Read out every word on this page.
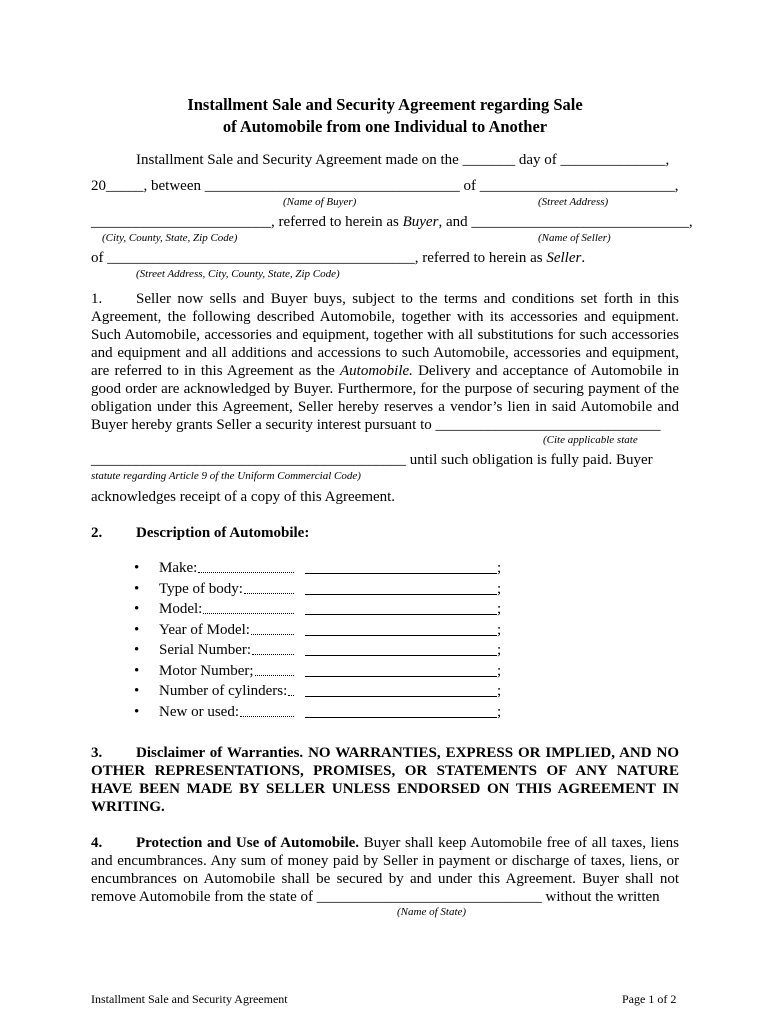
Installment Sale and Security Agreement regarding Sale
of Automobile from one Individual to Another
Installment Sale and Security Agreement made on the _______ day of ______________,
20_____, between __________________________________ of __________________________,
(Name of Buyer)	(Street Address)
________________________, referred to herein as Buyer, and _____________________________,
(City, County, State, Zip Code)	(Name of Seller)
of _________________________________________, referred to herein as Seller.
(Street Address, City, County, State, Zip Code)
1. Seller now sells and Buyer buys, subject to the terms and conditions set forth in this Agreement, the following described Automobile, together with its accessories and equipment. Such Automobile, accessories and equipment, together with all substitutions for such accessories and equipment and all additions and accessions to such Automobile, accessories and equipment, are referred to in this Agreement as the Automobile. Delivery and acceptance of Automobile in good order are acknowledged by Buyer. Furthermore, for the purpose of securing payment of the obligation under this Agreement, Seller hereby reserves a vendor’s lien in said Automobile and Buyer hereby grants Seller a security interest pursuant to ______________________________
(Cite applicable state
__________________________________________ until such obligation is fully paid. Buyer
statute regarding Article 9 of the Uniform Commercial Code)
acknowledges receipt of a copy of this Agreement.
2. Description of Automobile:
• Make:	;
• Type of body:	;
• Model:	;
• Year of Model:	;
• Serial Number:	;
• Motor Number;	;
• Number of cylinders:	;
• New or used:	;
3. Disclaimer of Warranties. NO WARRANTIES, EXPRESS OR IMPLIED, AND NO OTHER REPRESENTATIONS, PROMISES, OR STATEMENTS OF ANY NATURE HAVE BEEN MADE BY SELLER UNLESS ENDORSED ON THIS AGREEMENT IN WRITING.
4. Protection and Use of Automobile. Buyer shall keep Automobile free of all taxes, liens and encumbrances. Any sum of money paid by Seller in payment or discharge of taxes, liens, or encumbrances on Automobile shall be secured by and under this Agreement. Buyer shall not remove Automobile from the state of ______________________________ without the written
(Name of State)
Installment Sale and Security Agreement	Page 1 of 2
